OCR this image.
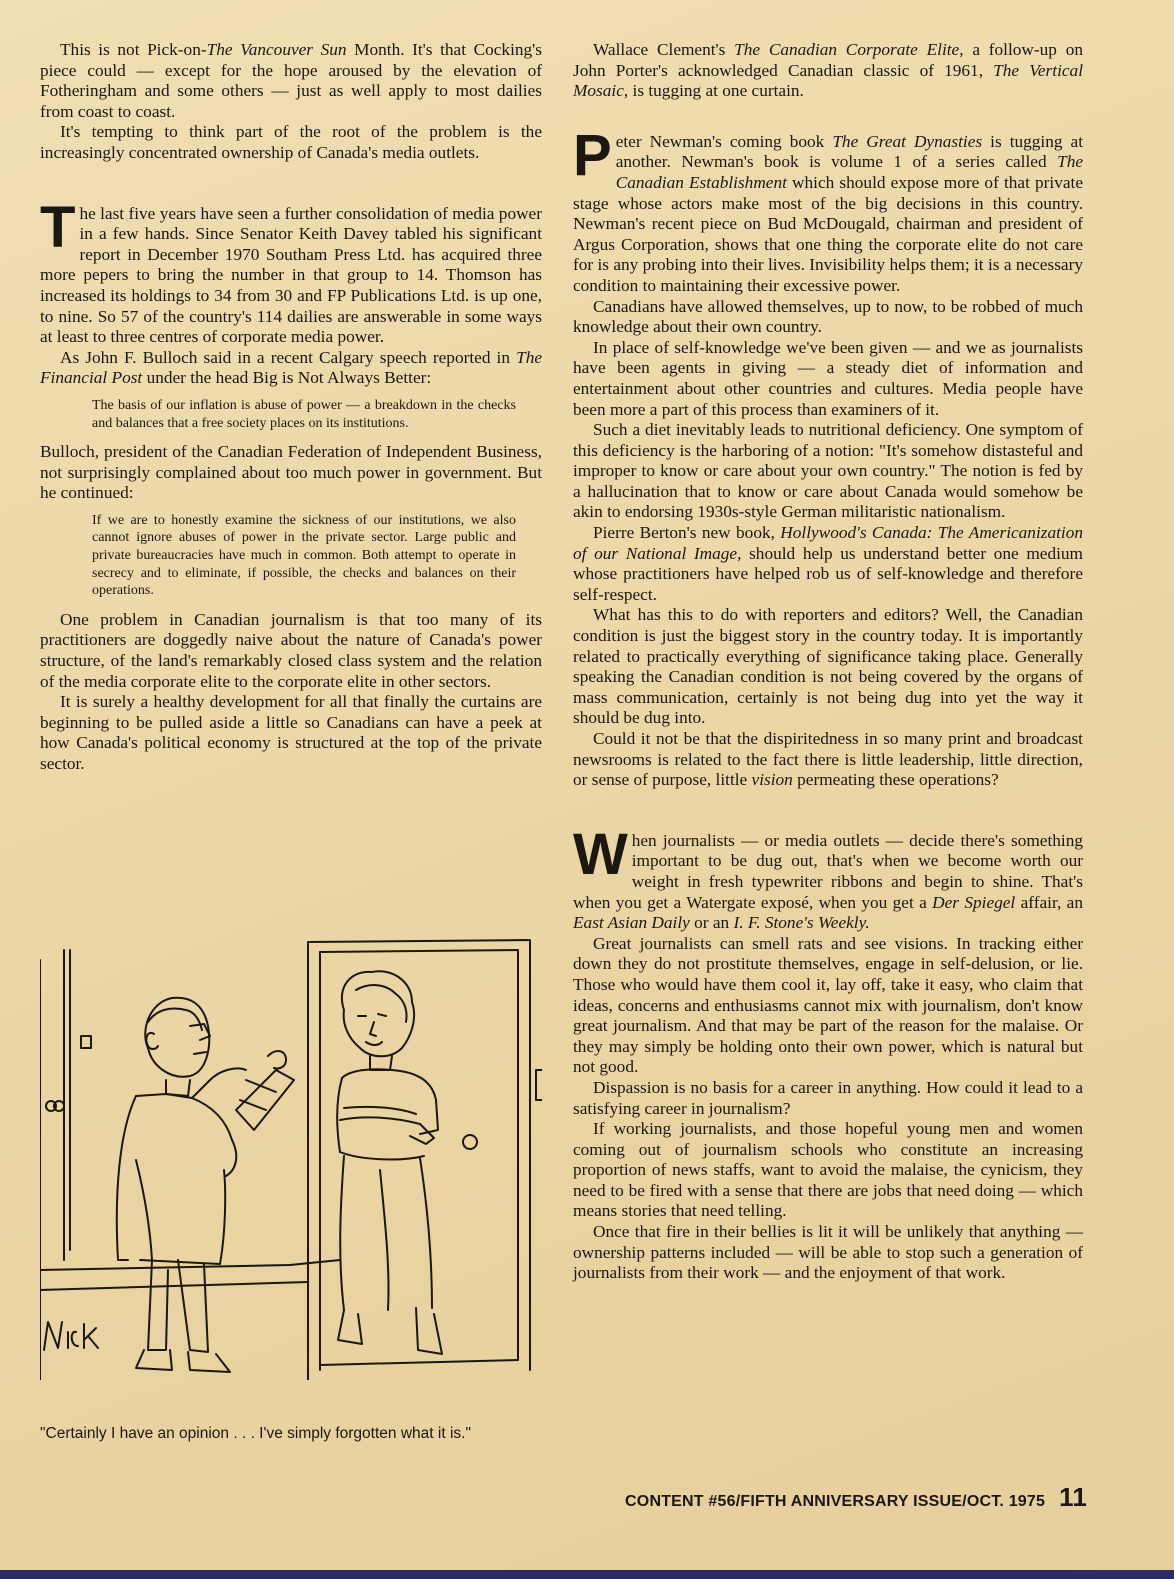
This is not Pick-on-The Vancouver Sun Month. It's that Cocking's piece could — except for the hope aroused by the elevation of Fotheringham and some others — just as well apply to most dailies from coast to coast.

It's tempting to think part of the root of the problem is the increasingly concentrated ownership of Canada's media outlets.

The last five years have seen a further consolidation of media power in a few hands. Since Senator Keith Davey tabled his significant report in December 1970 Southam Press Ltd. has acquired three more pepers to bring the number in that group to 14. Thomson has increased its holdings to 34 from 30 and FP Publications Ltd. is up one, to nine. So 57 of the country's 114 dailies are answerable in some ways at least to three centres of corporate media power.

As John F. Bulloch said in a recent Calgary speech reported in The Financial Post under the head Big is Not Always Better:

The basis of our inflation is abuse of power — a breakdown in the checks and balances that a free society places on its institutions.

Bulloch, president of the Canadian Federation of Independent Business, not surprisingly complained about too much power in government. But he continued:

If we are to honestly examine the sickness of our institutions, we also cannot ignore abuses of power in the private sector. Large public and private bureaucracies have much in common. Both attempt to operate in secrecy and to eliminate, if possible, the checks and balances on their operations.

One problem in Canadian journalism is that too many of its practitioners are doggedly naive about the nature of Canada's power structure, of the land's remarkably closed class system and the relation of the media corporate elite to the corporate elite in other sectors.

It is surely a healthy development for all that finally the curtains are beginning to be pulled aside a little so Canadians can have a peek at how Canada's political economy is structured at the top of the private sector.

"Certainly I have an opinion . . . I've simply forgotten what it is."

Wallace Clement's The Canadian Corporate Elite, a follow-up on John Porter's acknowledged Canadian classic of 1961, The Vertical Mosaic, is tugging at one curtain.

Peter Newman's coming book The Great Dynasties is tugging at another. Newman's book is volume 1 of a series called The Canadian Establishment which should expose more of that private stage whose actors make most of the big decisions in this country. Newman's recent piece on Bud McDougald, chairman and president of Argus Corporation, shows that one thing the corporate elite do not care for is any probing into their lives. Invisibility helps them; it is a necessary condition to maintaining their excessive power.

Canadians have allowed themselves, up to now, to be robbed of much knowledge about their own country.

In place of self-knowledge we've been given — and we as journalists have been agents in giving — a steady diet of information and entertainment about other countries and cultures. Media people have been more a part of this process than examiners of it.

Such a diet inevitably leads to nutritional deficiency. One symptom of this deficiency is the harboring of a notion: "It's somehow distasteful and improper to know or care about your own country." The notion is fed by a hallucination that to know or care about Canada would somehow be akin to endorsing 1930s-style German militaristic nationalism.

Pierre Berton's new book, Hollywood's Canada: The Americanization of our National Image, should help us understand better one medium whose practitioners have helped rob us of self-knowledge and therefore self-respect.

What has this to do with reporters and editors? Well, the Canadian condition is just the biggest story in the country today. It is importantly related to practically everything of significance taking place. Generally speaking the Canadian condition is not being covered by the organs of mass communication, certainly is not being dug into yet the way it should be dug into.

Could it not be that the dispiritedness in so many print and broadcast newsrooms is related to the fact there is little leadership, little direction, or sense of purpose, little vision permeating these operations?

When journalists — or media outlets — decide there's something important to be dug out, that's when we become worth our weight in fresh typewriter ribbons and begin to shine. That's when you get a Watergate exposé, when you get a Der Spiegel affair, an East Asian Daily or an I. F. Stone's Weekly.

Great journalists can smell rats and see visions. In tracking either down they do not prostitute themselves, engage in self-delusion, or lie. Those who would have them cool it, lay off, take it easy, who claim that ideas, concerns and enthusiasms cannot mix with journalism, don't know great journalism. And that may be part of the reason for the malaise. Or they may simply be holding onto their own power, which is natural but not good.

Dispassion is no basis for a career in anything. How could it lead to a satisfying career in journalism?

If working journalists, and those hopeful young men and women coming out of journalism schools who constitute an increasing proportion of news staffs, want to avoid the malaise, the cynicism, they need to be fired with a sense that there are jobs that need doing — which means stories that need telling.

Once that fire in their bellies is lit it will be unlikely that anything — ownership patterns included — will be able to stop such a generation of journalists from their work — and the enjoyment of that work.

CONTENT #56/FIFTH ANNIVERSARY ISSUE/OCT. 1975 11
